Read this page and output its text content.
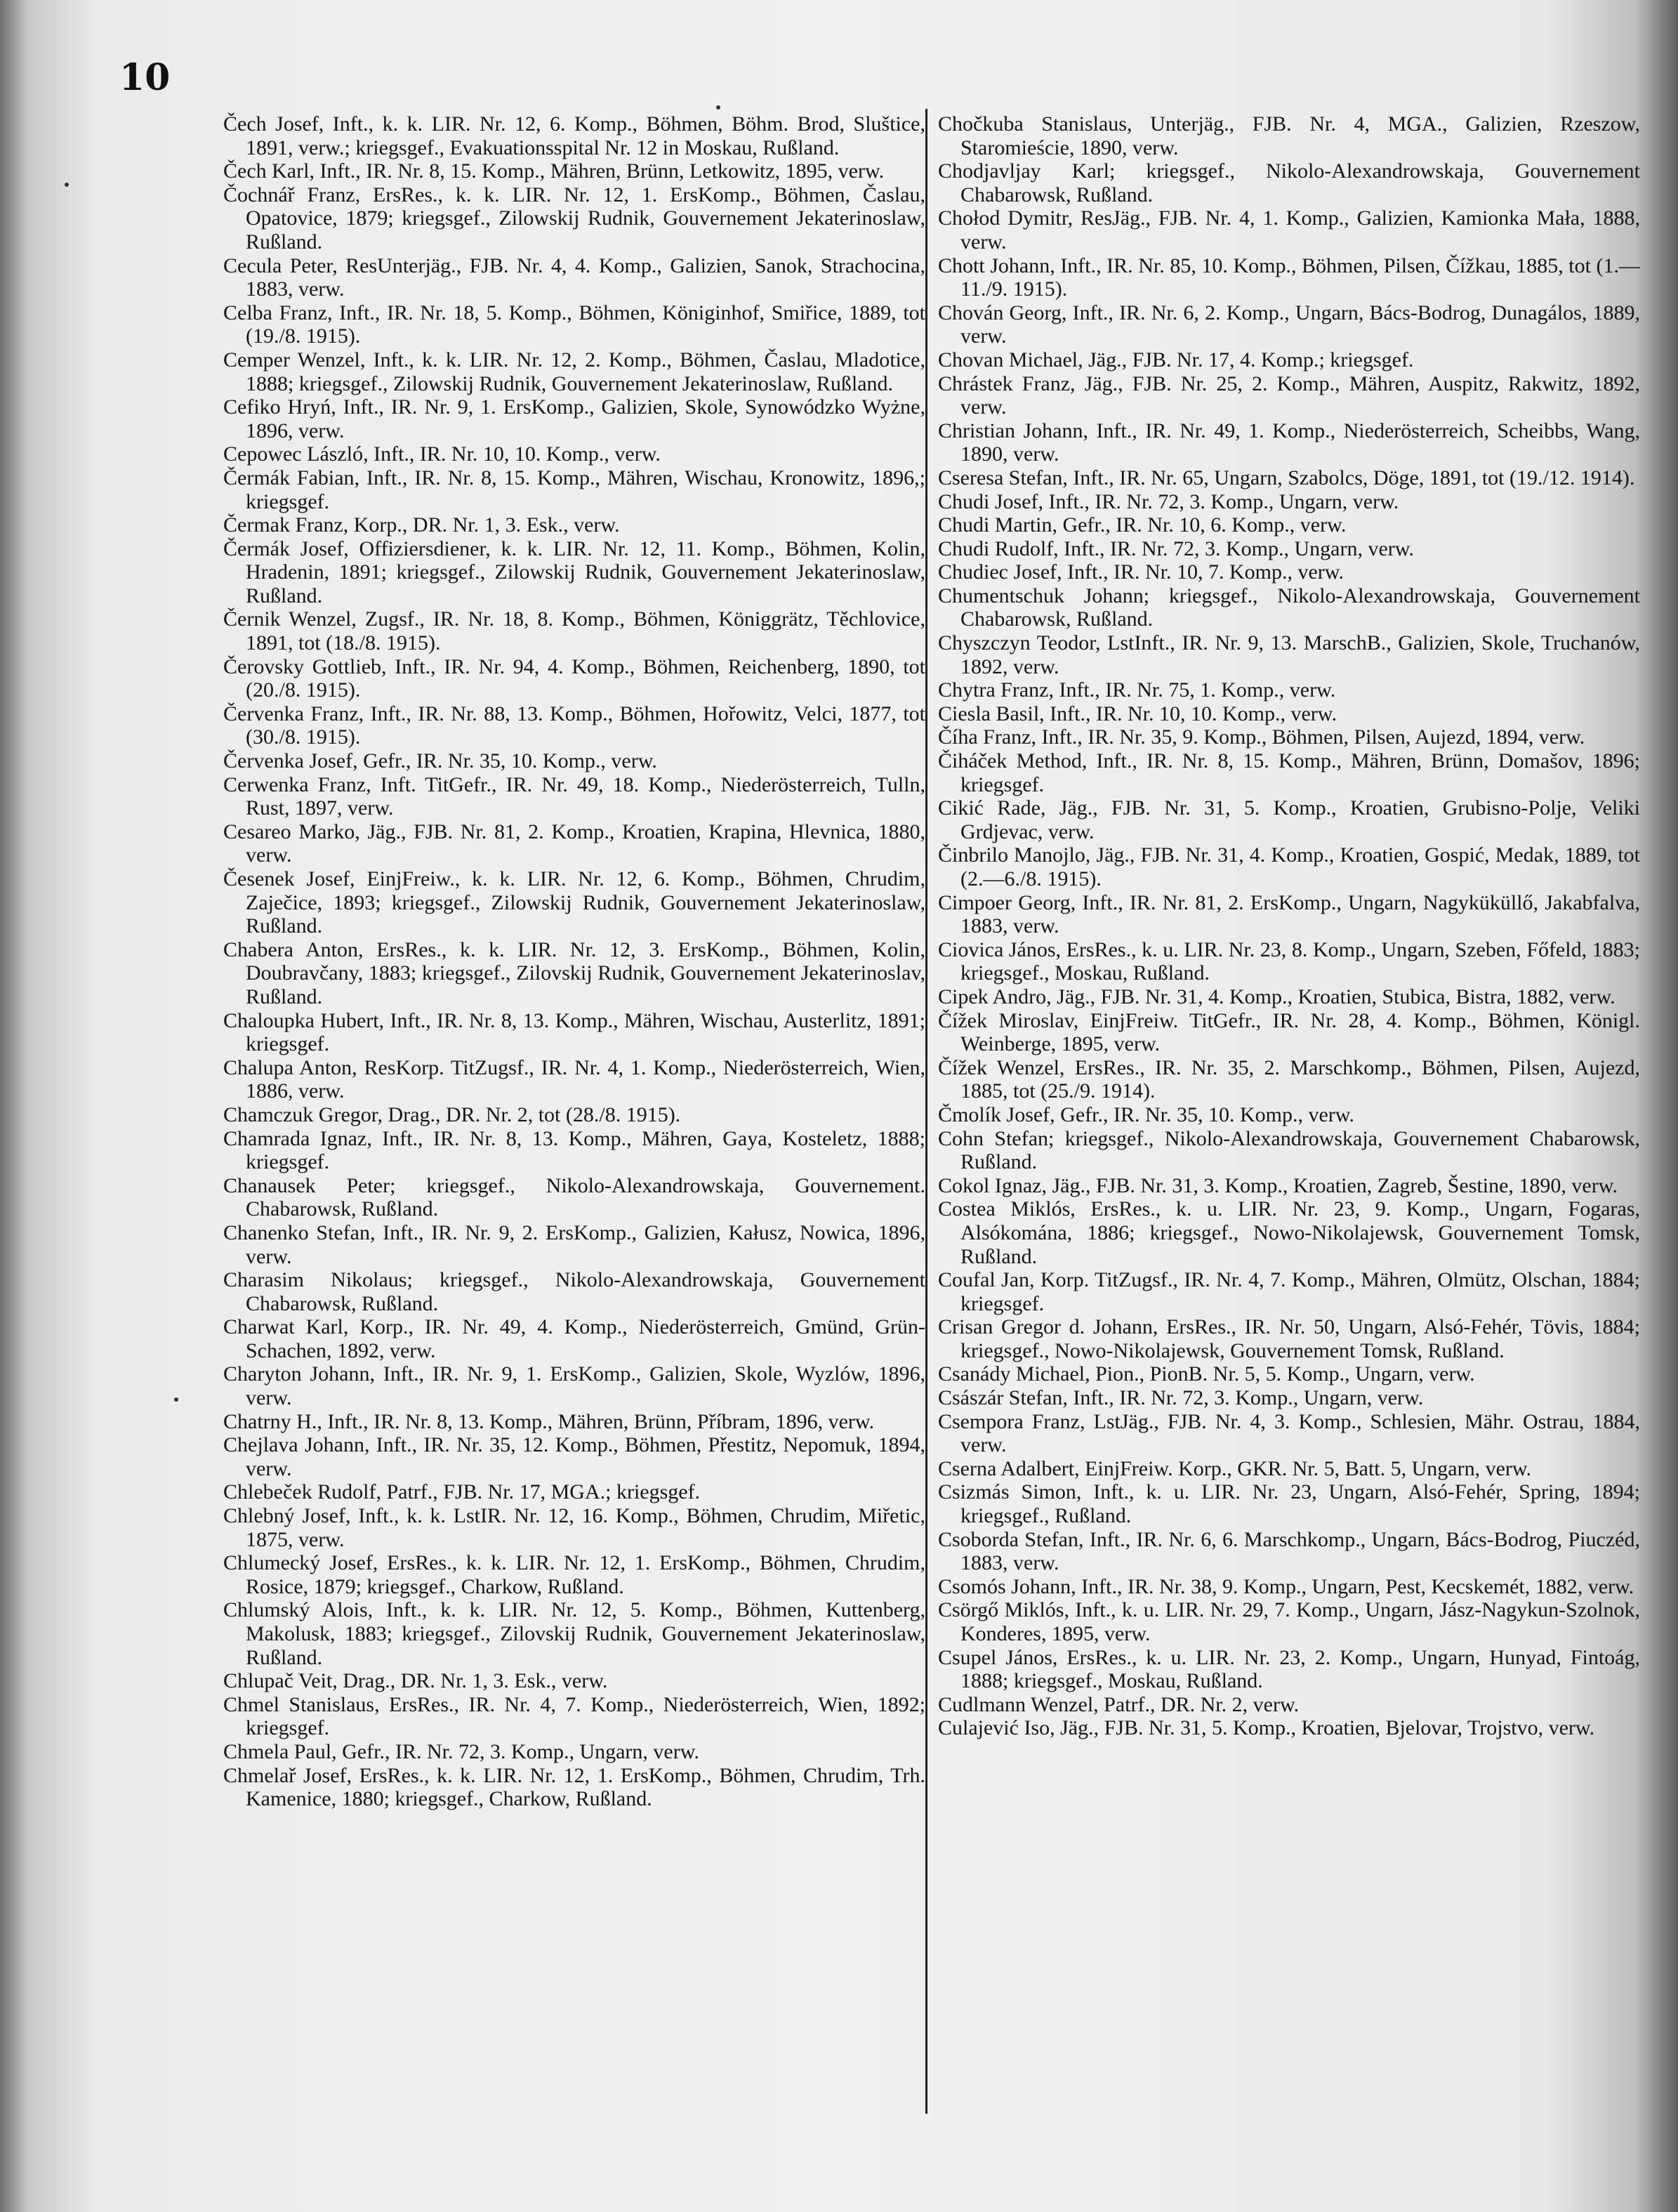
10

Čech Josef, Inft., k. k. LIR. Nr. 12, 6. Komp., Böhmen, Böhm. Brod, Sluštice, 1891, verw.; kriegsgef., Evakuationsspital Nr. 12 in Moskau, Rußland.

Čech Karl, Inft., IR. Nr. 8, 15. Komp., Mähren, Brünn, Letkowitz, 1895, verw.

Čochnář Franz, ErsRes., k. k. LIR. Nr. 12, 1. ErsKomp., Böhmen, Časlau, Opatovice, 1879; kriegsgef., Zilowskij Rudnik, Gouvernement Jekaterinoslaw, Rußland.

Cecula Peter, ResUnterjäg., FJB. Nr. 4, 4. Komp., Galizien, Sanok, Strachocina, 1883, verw.

Celba Franz, Inft., IR. Nr. 18, 5. Komp., Böhmen, Königinhof, Smiřice, 1889, tot (19./8. 1915).

Cemper Wenzel, Inft., k. k. LIR. Nr. 12, 2. Komp., Böhmen, Časlau, Mladotice, 1888; kriegsgef., Zilowskij Rudnik, Gouvernement Jekaterinoslaw, Rußland.

Cefiko Hryń, Inft., IR. Nr. 9, 1. ErsKomp., Galizien, Skole, Synowódzko Wyżne, 1896, verw.

Cepowec László, Inft., IR. Nr. 10, 10. Komp., verw.

Čermák Fabian, Inft., IR. Nr. 8, 15. Komp., Mähren, Wischau, Kronowitz, 1896,; kriegsgef.

Čermak Franz, Korp., DR. Nr. 1, 3. Esk., verw.

Čermák Josef, Offiziersdiener, k. k. LIR. Nr. 12, 11. Komp., Böhmen, Kolin, Hradenin, 1891; kriegsgef., Zilowskij Rudnik, Gouvernement Jekaterinoslaw, Rußland.

Černik Wenzel, Zugsf., IR. Nr. 18, 8. Komp., Böhmen, Königgrätz, Těchlovice, 1891, tot (18./8. 1915).

Čerovsky Gottlieb, Inft., IR. Nr. 94, 4. Komp., Böhmen, Reichenberg, 1890, tot (20./8. 1915).

Červenka Franz, Inft., IR. Nr. 88, 13. Komp., Böhmen, Hořowitz, Velci, 1877, tot (30./8. 1915).

Červenka Josef, Gefr., IR. Nr. 35, 10. Komp., verw.

Cerwenka Franz, Inft. TitGefr., IR. Nr. 49, 18. Komp., Niederösterreich, Tulln, Rust, 1897, verw.

Cesareo Marko, Jäg., FJB. Nr. 81, 2. Komp., Kroatien, Krapina, Hlevnica, 1880, verw.

Česenek Josef, EinjFreiw., k. k. LIR. Nr. 12, 6. Komp., Böhmen, Chrudim, Zaječice, 1893; kriegsgef., Zilowskij Rudnik, Gouvernement Jekaterinoslaw, Rußland.

Chabera Anton, ErsRes., k. k. LIR. Nr. 12, 3. ErsKomp., Böhmen, Kolin, Doubravčany, 1883; kriegsgef., Zilovskij Rudnik, Gouvernement Jekaterinoslav, Rußland.

Chaloupka Hubert, Inft., IR. Nr. 8, 13. Komp., Mähren, Wischau, Austerlitz, 1891; kriegsgef.

Chalupa Anton, ResKorp. TitZugsf., IR. Nr. 4, 1. Komp., Niederösterreich, Wien, 1886, verw.

Chamczuk Gregor, Drag., DR. Nr. 2, tot (28./8. 1915).

Chamrada Ignaz, Inft., IR. Nr. 8, 13. Komp., Mähren, Gaya, Kosteletz, 1888; kriegsgef.

Chanausek Peter; kriegsgef., Nikolo-Alexandrowskaja, Gouvernement. Chabarowsk, Rußland.

Chanenko Stefan, Inft., IR. Nr. 9, 2. ErsKomp., Galizien, Kałusz, Nowica, 1896, verw.

Charasim Nikolaus; kriegsgef., Nikolo-Alexandrowskaja, Gouvernement Chabarowsk, Rußland.

Charwat Karl, Korp., IR. Nr. 49, 4. Komp., Niederösterreich, Gmünd, Grün-Schachen, 1892, verw.

Charyton Johann, Inft., IR. Nr. 9, 1. ErsKomp., Galizien, Skole, Wyzlów, 1896, verw.

Chatrny H., Inft., IR. Nr. 8, 13. Komp., Mähren, Brünn, Příbram, 1896, verw.

Chejlava Johann, Inft., IR. Nr. 35, 12. Komp., Böhmen, Přestitz, Nepomuk, 1894, verw.

Chlebeček Rudolf, Patrf., FJB. Nr. 17, MGA.; kriegsgef.

Chlebný Josef, Inft., k. k. LstIR. Nr. 12, 16. Komp., Böhmen, Chrudim, Miřetic, 1875, verw.

Chlumecký Josef, ErsRes., k. k. LIR. Nr. 12, 1. ErsKomp., Böhmen, Chrudim, Rosice, 1879; kriegsgef., Charkow, Rußland.

Chlumský Alois, Inft., k. k. LIR. Nr. 12, 5. Komp., Böhmen, Kuttenberg, Makolusk, 1883; kriegsgef., Zilovskij Rudnik, Gouvernement Jekaterinoslaw, Rußland.

Chlupač Veit, Drag., DR. Nr. 1, 3. Esk., verw.

Chmel Stanislaus, ErsRes., IR. Nr. 4, 7. Komp., Niederösterreich, Wien, 1892; kriegsgef.

Chmela Paul, Gefr., IR. Nr. 72, 3. Komp., Ungarn, verw.

Chmelař Josef, ErsRes., k. k. LIR. Nr. 12, 1. ErsKomp., Böhmen, Chrudim, Trh. Kamenice, 1880; kriegsgef., Charkow, Rußland.

Chočkuba Stanislaus, Unterjäg., FJB. Nr. 4, MGA., Galizien, Rzeszow, Staromieście, 1890, verw.

Chodjavljay Karl; kriegsgef., Nikolo-Alexandrowskaja, Gouvernement Chabarowsk, Rußland.

Chołod Dymitr, ResJäg., FJB. Nr. 4, 1. Komp., Galizien, Kamionka Mała, 1888, verw.

Chott Johann, Inft., IR. Nr. 85, 10. Komp., Böhmen, Pilsen, Čížkau, 1885, tot (1.—11./9. 1915).

Chován Georg, Inft., IR. Nr. 6, 2. Komp., Ungarn, Bács-Bodrog, Dunagálos, 1889, verw.

Chovan Michael, Jäg., FJB. Nr. 17, 4. Komp.; kriegsgef.

Chrástek Franz, Jäg., FJB. Nr. 25, 2. Komp., Mähren, Auspitz, Rakwitz, 1892, verw.

Christian Johann, Inft., IR. Nr. 49, 1. Komp., Niederösterreich, Scheibbs, Wang, 1890, verw.

Cseresa Stefan, Inft., IR. Nr. 65, Ungarn, Szabolcs, Döge, 1891, tot (19./12. 1914).

Chudi Josef, Inft., IR. Nr. 72, 3. Komp., Ungarn, verw.

Chudi Martin, Gefr., IR. Nr. 10, 6. Komp., verw.

Chudi Rudolf, Inft., IR. Nr. 72, 3. Komp., Ungarn, verw.

Chudiec Josef, Inft., IR. Nr. 10, 7. Komp., verw.

Chumentschuk Johann; kriegsgef., Nikolo-Alexandrowskaja, Gouvernement Chabarowsk, Rußland.

Chyszczyn Teodor, LstInft., IR. Nr. 9, 13. MarschB., Galizien, Skole, Truchanów, 1892, verw.

Chytra Franz, Inft., IR. Nr. 75, 1. Komp., verw.

Ciesla Basil, Inft., IR. Nr. 10, 10. Komp., verw.

Číha Franz, Inft., IR. Nr. 35, 9. Komp., Böhmen, Pilsen, Aujezd, 1894, verw.

Čiháček Method, Inft., IR. Nr. 8, 15. Komp., Mähren, Brünn, Domašov, 1896; kriegsgef.

Cikić Rade, Jäg., FJB. Nr. 31, 5. Komp., Kroatien, Grubisno-Polje, Veliki Grdjevac, verw.

Činbrilo Manojlo, Jäg., FJB. Nr. 31, 4. Komp., Kroatien, Gospić, Medak, 1889, tot (2.—6./8. 1915).

Cimpoer Georg, Inft., IR. Nr. 81, 2. ErsKomp., Ungarn, Nagyküküllő, Jakabfalva, 1883, verw.

Ciovica János, ErsRes., k. u. LIR. Nr. 23, 8. Komp., Ungarn, Szeben, Főfeld, 1883; kriegsgef., Moskau, Rußland.

Cipek Andro, Jäg., FJB. Nr. 31, 4. Komp., Kroatien, Stubica, Bistra, 1882, verw.

Čížek Miroslav, EinjFreiw. TitGefr., IR. Nr. 28, 4. Komp., Böhmen, Königl. Weinberge, 1895, verw.

Čížek Wenzel, ErsRes., IR. Nr. 35, 2. Marschkomp., Böhmen, Pilsen, Aujezd, 1885, tot (25./9. 1914).

Čmolík Josef, Gefr., IR. Nr. 35, 10. Komp., verw.

Cohn Stefan; kriegsgef., Nikolo-Alexandrowskaja, Gouvernement Chabarowsk, Rußland.

Cokol Ignaz, Jäg., FJB. Nr. 31, 3. Komp., Kroatien, Zagreb, Šestine, 1890, verw.

Costea Miklós, ErsRes., k. u. LIR. Nr. 23, 9. Komp., Ungarn, Fogaras, Alsókomána, 1886; kriegsgef., Nowo-Nikolajewsk, Gouvernement Tomsk, Rußland.

Coufal Jan, Korp. TitZugsf., IR. Nr. 4, 7. Komp., Mähren, Olmütz, Olschan, 1884; kriegsgef.

Crisan Gregor d. Johann, ErsRes., IR. Nr. 50, Ungarn, Alsó-Fehér, Tövis, 1884; kriegsgef., Nowo-Nikolajewsk, Gouvernement Tomsk, Rußland.

Csanády Michael, Pion., PionB. Nr. 5, 5. Komp., Ungarn, verw.

Császár Stefan, Inft., IR. Nr. 72, 3. Komp., Ungarn, verw.

Csempora Franz, LstJäg., FJB. Nr. 4, 3. Komp., Schlesien, Mähr. Ostrau, 1884, verw.

Cserna Adalbert, EinjFreiw. Korp., GKR. Nr. 5, Batt. 5, Ungarn, verw.

Csizmás Simon, Inft., k. u. LIR. Nr. 23, Ungarn, Alsó-Fehér, Spring, 1894; kriegsgef., Rußland.

Csoborda Stefan, Inft., IR. Nr. 6, 6. Marschkomp., Ungarn, Bács-Bodrog, Piuczéd, 1883, verw.

Csomós Johann, Inft., IR. Nr. 38, 9. Komp., Ungarn, Pest, Kecskemét, 1882, verw.

Csörgő Miklós, Inft., k. u. LIR. Nr. 29, 7. Komp., Ungarn, Jász-Nagykun-Szolnok, Konderes, 1895, verw.

Csupel János, ErsRes., k. u. LIR. Nr. 23, 2. Komp., Ungarn, Hunyad, Fintoág, 1888; kriegsgef., Moskau, Rußland.

Cudlmann Wenzel, Patrf., DR. Nr. 2, verw.

Culajević Iso, Jäg., FJB. Nr. 31, 5. Komp., Kroatien, Bjelovar, Trojstvo, verw.
